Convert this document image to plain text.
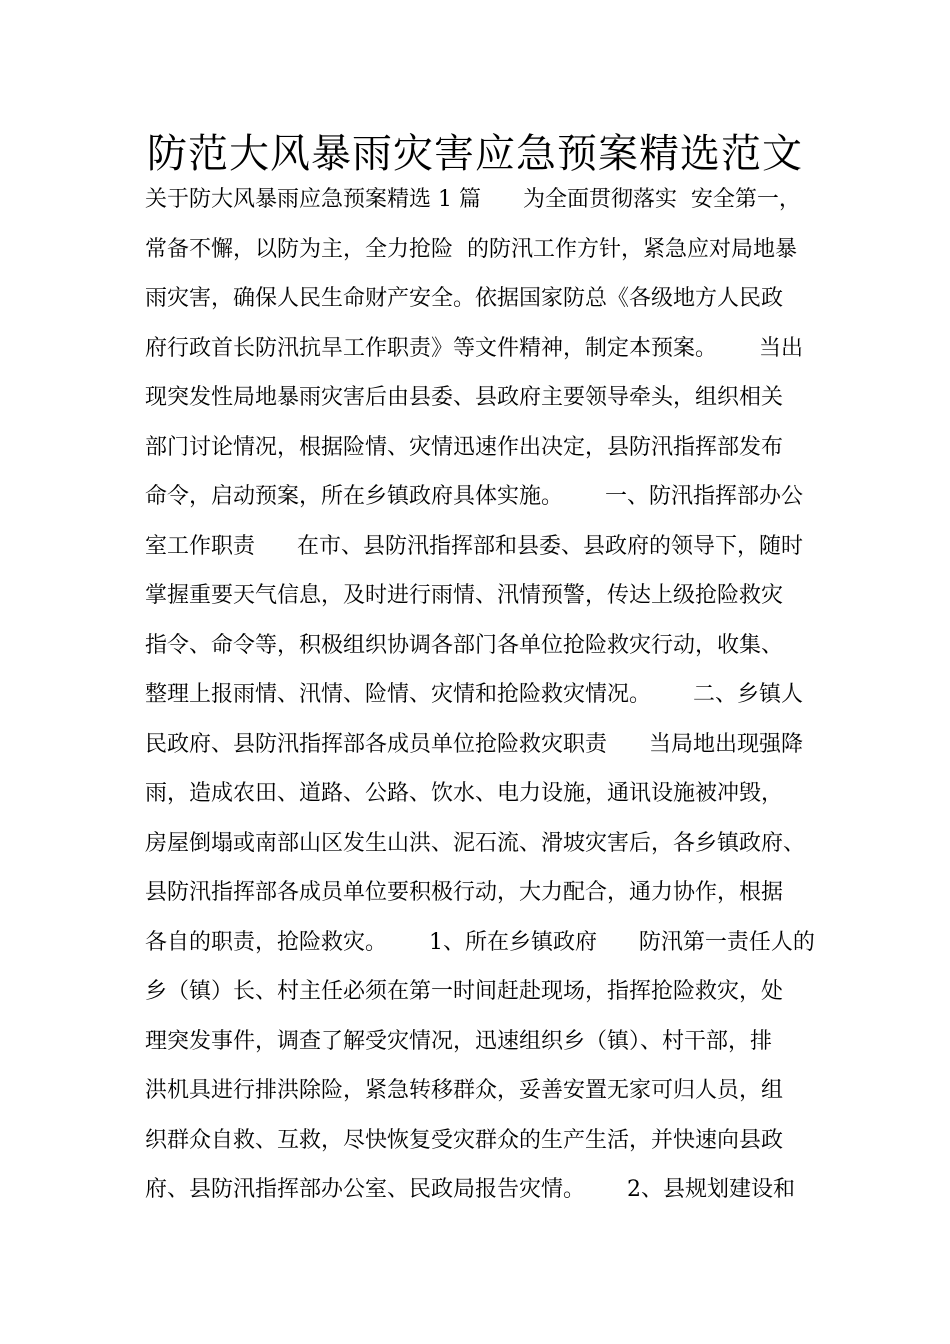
防范大风暴雨灾害应急预案精选范文
关于防大风暴雨应急预案精选 1 篇      为全面贯彻落实  安全第一，
常备不懈，以防为主，全力抢险  的防汛工作方针，紧急应对局地暴
雨灾害，确保人民生命财产安全。依据国家防总《各级地方人民政
府行政首长防汛抗旱工作职责》等文件精神，制定本预案。      当出
现突发性局地暴雨灾害后由县委、县政府主要领导牵头，组织相关
部门讨论情况，根据险情、灾情迅速作出决定，县防汛指挥部发布
命令，启动预案，所在乡镇政府具体实施。      一、防汛指挥部办公
室工作职责      在市、县防汛指挥部和县委、县政府的领导下，随时
掌握重要天气信息，及时进行雨情、汛情预警，传达上级抢险救灾
指令、命令等，积极组织协调各部门各单位抢险救灾行动，收集、
整理上报雨情、汛情、险情、灾情和抢险救灾情况。      二、乡镇人
民政府、县防汛指挥部各成员单位抢险救灾职责      当局地出现强降
雨，造成农田、道路、公路、饮水、电力设施，通讯设施被冲毁，
房屋倒塌或南部山区发生山洪、泥石流、滑坡灾害后，各乡镇政府、
县防汛指挥部各成员单位要积极行动，大力配合，通力协作，根据
各自的职责，抢险救灾。      1、所在乡镇政府      防汛第一责任人的
乡（镇）长、村主任必须在第一时间赶赴现场，指挥抢险救灾，处
理突发事件，调查了解受灾情况，迅速组织乡（镇）、村干部，排
洪机具进行排洪除险，紧急转移群众，妥善安置无家可归人员，组
织群众自救、互救，尽快恢复受灾群众的生产生活，并快速向县政
府、县防汛指挥部办公室、民政局报告灾情。      2、县规划建设和
